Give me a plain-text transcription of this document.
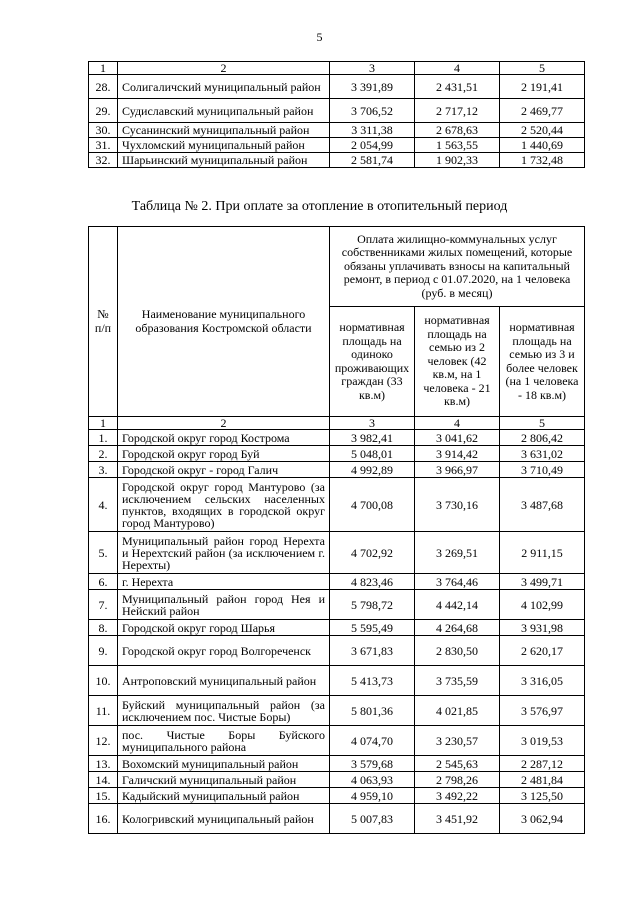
5
1	2	3	4	5
28.	Солигаличский муниципальный район	3 391,89	2 431,51	2 191,41
29.	Судиславский муниципальный район	3 706,52	2 717,12	2 469,77
30.	Сусанинский муниципальный район	3 311,38	2 678,63	2 520,44
31.	Чухломский муниципальный район	2 054,99	1 563,55	1 440,69
32.	Шарьинский муниципальный район	2 581,74	1 902,33	1 732,48
Таблица № 2. При оплате за отопление в отопительный период
№ п/п	Наименование муниципального образования Костромской области	Оплата жилищно-коммунальных услуг собственниками жилых помещений, которые обязаны уплачивать взносы на капитальный ремонт, в период с 01.07.2020, на 1 человека (руб. в месяц)		
		нормативная площадь на одиноко проживающих граждан (33 кв.м)	нормативная площадь на семью из 2 человек (42 кв.м, на 1 человека - 21 кв.м)	нормативная площадь на семью из 3 и более человек (на 1 человека - 18 кв.м)
1	2	3	4	5
1.	Городской округ город Кострома	3 982,41	3 041,62	2 806,42
2.	Городской округ город Буй	5 048,01	3 914,42	3 631,02
3.	Городской округ - город Галич	4 992,89	3 966,97	3 710,49
4.	Городской округ город Мантурово (за исключением сельских населенных пунктов, входящих в городской округ город Мантурово)	4 700,08	3 730,16	3 487,68
5.	Муниципальный район город Нерехта и Нерехтский район (за исключением г. Нерехты)	4 702,92	3 269,51	2 911,15
6.	г. Нерехта	4 823,46	3 764,46	3 499,71
7.	Муниципальный район город Нея и Нейский район	5 798,72	4 442,14	4 102,99
8.	Городской округ город Шарья	5 595,49	4 264,68	3 931,98
9.	Городской округ город Волгореченск	3 671,83	2 830,50	2 620,17
10.	Антроповский муниципальный район	5 413,73	3 735,59	3 316,05
11.	Буйский муниципальный район (за исключением пос. Чистые Боры)	5 801,36	4 021,85	3 576,97
12.	пос. Чистые Боры Буйского муниципального района	4 074,70	3 230,57	3 019,53
13.	Вохомский муниципальный район	3 579,68	2 545,63	2 287,12
14.	Галичский муниципальный район	4 063,93	2 798,26	2 481,84
15.	Кадыйский муниципальный район	4 959,10	3 492,22	3 125,50
16.	Кологривский муниципальный район	5 007,83	3 451,92	3 062,94
